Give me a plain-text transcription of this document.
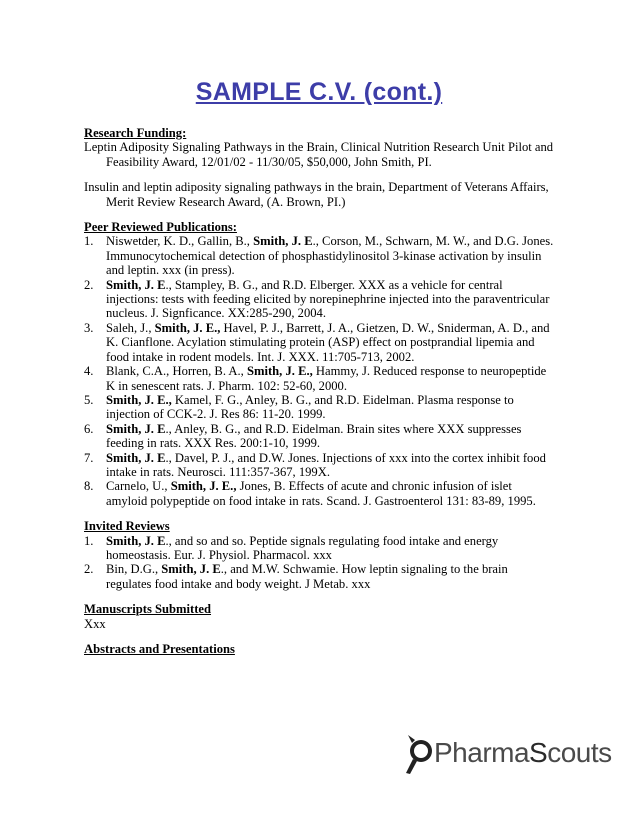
SAMPLE C.V. (cont.)
Research Funding:
Leptin Adiposity Signaling Pathways in the Brain, Clinical Nutrition Research Unit Pilot and Feasibility Award, 12/01/02 - 11/30/05, $50,000, John Smith, PI.
Insulin and leptin adiposity signaling pathways in the brain, Department of Veterans Affairs, Merit Review Research Award, (A. Brown, PI.)
Peer Reviewed Publications:
1. Niswetder, K. D., Gallin, B., Smith, J. E., Corson, M., Schwarn, M. W., and D.G. Jones. Immunocytochemical detection of phosphastidylinositol 3-kinase activation by insulin and leptin. xxx (in press).
2. Smith, J. E., Stampley, B. G., and R.D. Elberger. XXX as a vehicle for central injections: tests with feeding elicited by norepinephrine injected into the paraventricular nucleus. J. Signficance. XX:285-290, 2004.
3. Saleh, J., Smith, J. E., Havel, P. J., Barrett, J. A., Gietzen, D. W., Sniderman, A. D., and K. Cianflone. Acylation stimulating protein (ASP) effect on postprandial lipemia and food intake in rodent models. Int. J. XXX. 11:705-713, 2002.
4. Blank, C.A., Horren, B. A., Smith, J. E., Hammy, J. Reduced response to neuropeptide K in senescent rats. J. Pharm. 102: 52-60, 2000.
5. Smith, J. E., Kamel, F. G., Anley, B. G., and R.D. Eidelman. Plasma response to injection of CCK-2. J. Res 86: 11-20. 1999.
6. Smith, J. E., Anley, B. G., and R.D. Eidelman. Brain sites where XXX suppresses feeding in rats. XXX Res. 200:1-10, 1999.
7. Smith, J. E., Davel, P. J., and D.W. Jones. Injections of xxx into the cortex inhibit food intake in rats. Neurosci. 111:357-367, 199X.
8. Carnelo, U., Smith, J. E., Jones, B. Effects of acute and chronic infusion of islet amyloid polypeptide on food intake in rats. Scand. J. Gastroenterol 131: 83-89, 1995.
Invited Reviews
1. Smith, J. E., and so and so. Peptide signals regulating food intake and energy homeostasis. Eur. J. Physiol. Pharmacol. xxx
2. Bin, D.G., Smith, J. E., and M.W. Schwamie. How leptin signaling to the brain regulates food intake and body weight. J Metab. xxx
Manuscripts Submitted
Xxx
Abstracts and Presentations
PharmaScouts
